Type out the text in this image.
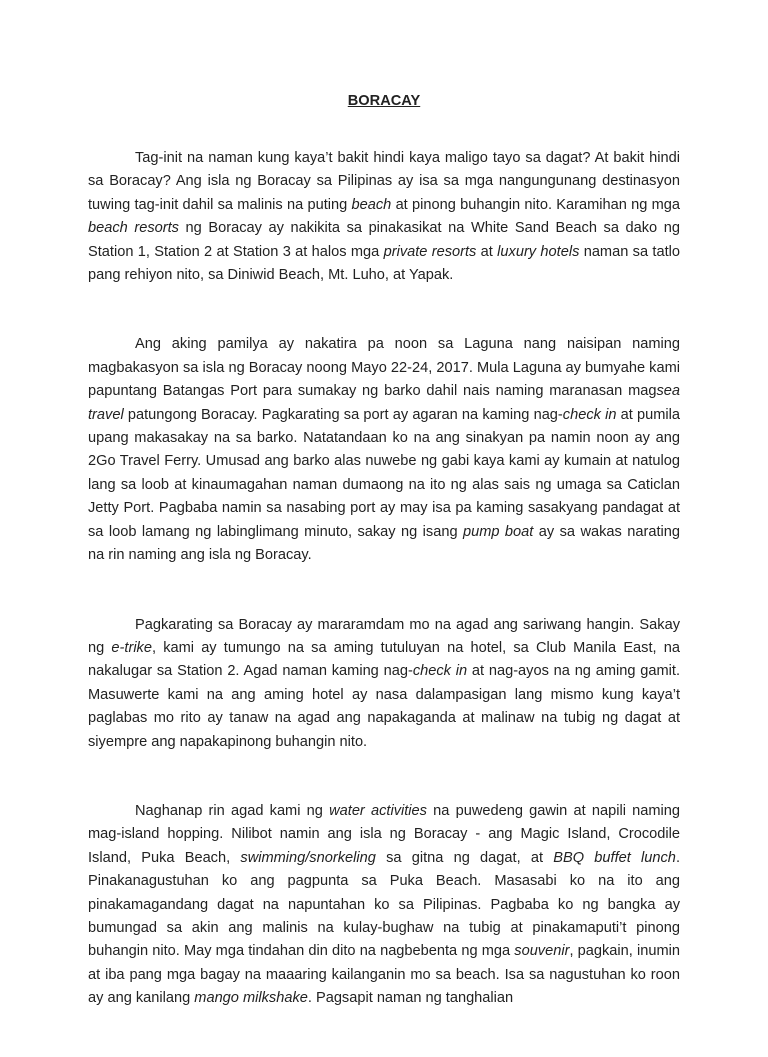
BORACAY

Tag-init na naman kung kaya’t bakit hindi kaya maligo tayo sa dagat? At bakit hindi sa Boracay? Ang isla ng Boracay sa Pilipinas ay isa sa mga nangungunang destinasyon tuwing tag-init dahil sa malinis na puting beach at pinong buhangin nito. Karamihan ng mga beach resorts ng Boracay ay nakikita sa pinakasikat na White Sand Beach sa dako ng Station 1, Station 2 at Station 3 at halos mga private resorts at luxury hotels naman sa tatlo pang rehiyon nito, sa Diniwid Beach, Mt. Luho, at Yapak.

Ang aking pamilya ay nakatira pa noon sa Laguna nang naisipan naming magbakasyon sa isla ng Boracay noong Mayo 22-24, 2017. Mula Laguna ay bumyahe kami papuntang Batangas Port para sumakay ng barko dahil nais naming maranasan magsea travel patungong Boracay. Pagkarating sa port ay agaran na kaming nag-check in at pumila upang makasakay na sa barko. Natatandaan ko na ang sinakyan pa namin noon ay ang 2Go Travel Ferry. Umusad ang barko alas nuwebe ng gabi kaya kami ay kumain at natulog lang sa loob at kinaumagahan naman dumaong na ito ng alas sais ng umaga sa Caticlan Jetty Port. Pagbaba namin sa nasabing port ay may isa pa kaming sasakyang pandagat at sa loob lamang ng labinglimang minuto, sakay ng isang pump boat ay sa wakas narating na rin naming ang isla ng Boracay.

Pagkarating sa Boracay ay mararamdam mo na agad ang sariwang hangin. Sakay ng e-trike, kami ay tumungo na sa aming tutuluyan na hotel, sa Club Manila East, na nakalugar sa Station 2. Agad naman kaming nag-check in at nag-ayos na ng aming gamit. Masuwerte kami na ang aming hotel ay nasa dalampasigan lang mismo kung kaya’t paglabas mo rito ay tanaw na agad ang napakaganda at malinaw na tubig ng dagat at siyempre ang napakapinong buhangin nito.

Naghanap rin agad kami ng water activities na puwedeng gawin at napili naming mag-island hopping. Nilibot namin ang isla ng Boracay - ang Magic Island, Crocodile Island, Puka Beach, swimming/snorkeling sa gitna ng dagat, at BBQ buffet lunch. Pinakanagustuhan ko ang pagpunta sa Puka Beach. Masasabi ko na ito ang pinakamagandang dagat na napuntahan ko sa Pilipinas. Pagbaba ko ng bangka ay bumungad sa akin ang malinis na kulay-bughaw na tubig at pinakamaputi’t pinong buhangin nito. May mga tindahan din dito na nagbebenta ng mga souvenir, pagkain, inumin at iba pang mga bagay na maaaring kailanganin mo sa beach. Isa sa nagustuhan ko roon ay ang kanilang mango milkshake. Pagsapit naman ng tanghalian
